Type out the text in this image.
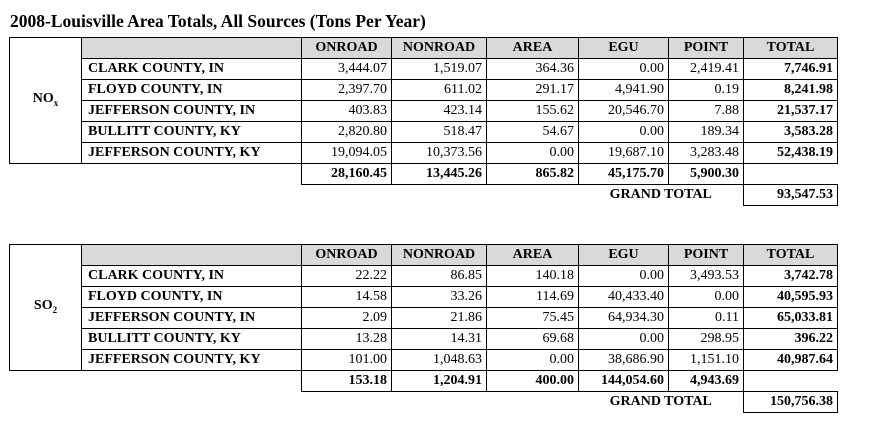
2008-Louisville Area Totals, All Sources (Tons Per Year)
$NO_x$		ONROAD	NONROAD	AREA	EGU	POINT	TOTAL
	CLARK COUNTY, IN	3,444.07	1,519.07	364.36	0.00	2,419.41	7,746.91
	FLOYD COUNTY, IN	2,397.70	611.02	291.17	4,941.90	0.19	8,241.98
	JEFFERSON COUNTY, IN	403.83	423.14	155.62	20,546.70	7.88	21,537.17
	BULLITT COUNTY, KY	2,820.80	518.47	54.67	0.00	189.34	3,583.28
	JEFFERSON COUNTY, KY	19,094.05	10,373.56	0.00	19,687.10	3,283.48	52,438.19
		28,160.45	13,445.26	865.82	45,175.70	5,900.30	
					GRAND TOTAL		93,547.53
$SO_2$		ONROAD	NONROAD	AREA	EGU	POINT	TOTAL
	CLARK COUNTY, IN	22.22	86.85	140.18	0.00	3,493.53	3,742.78
	FLOYD COUNTY, IN	14.58	33.26	114.69	40,433.40	0.00	40,595.93
	JEFFERSON COUNTY, IN	2.09	21.86	75.45	64,934.30	0.11	65,033.81
	BULLITT COUNTY, KY	13.28	14.31	69.68	0.00	298.95	396.22
	JEFFERSON COUNTY, KY	101.00	1,048.63	0.00	38,686.90	1,151.10	40,987.64
		153.18	1,204.91	400.00	144,054.60	4,943.69	
					GRAND TOTAL		150,756.38
